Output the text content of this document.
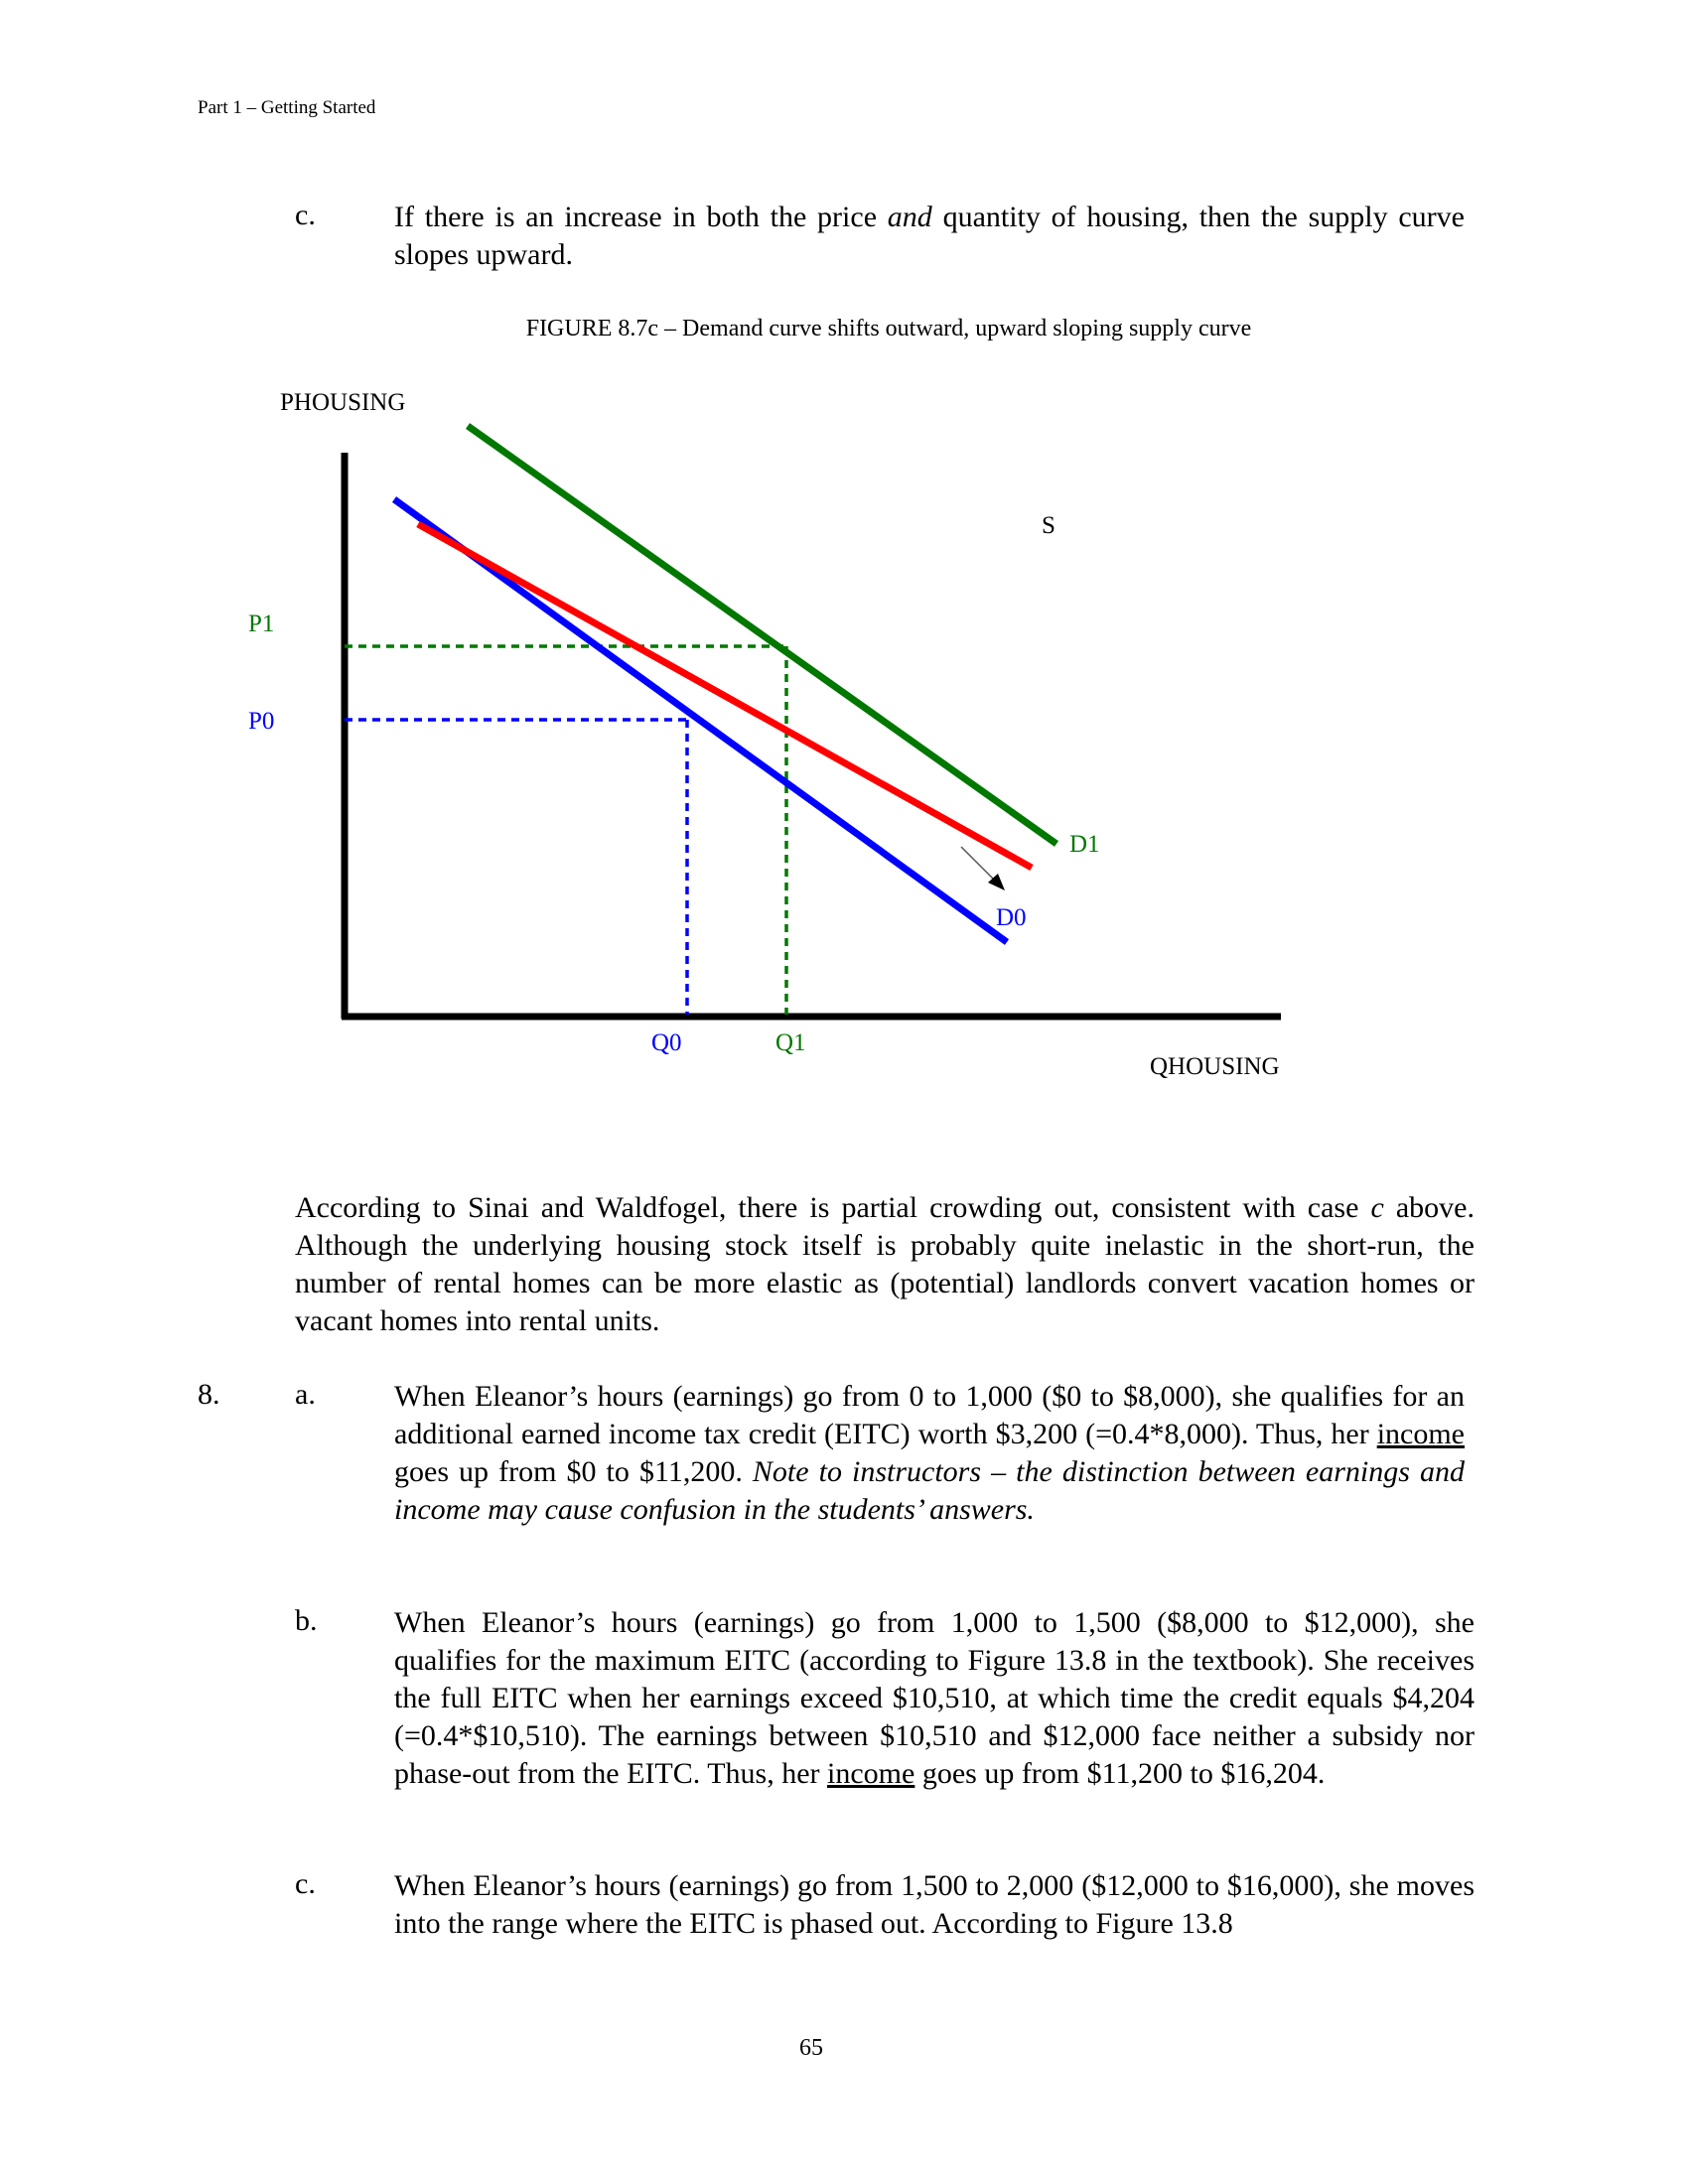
Part 1 – Getting Started
c.	If there is an increase in both the price and quantity of housing, then the supply curve slopes upward.
FIGURE 8.7c – Demand curve shifts outward, upward sloping supply curve
PHOUSING
QHOUSING
P1
P0
Q0	Q1
S
D1
D0
According to Sinai and Waldfogel, there is partial crowding out, consistent with case c above. Although the underlying housing stock itself is probably quite inelastic in the short-run, the number of rental homes can be more elastic as (potential) landlords convert vacation homes or vacant homes into rental units.
8.	a.	When Eleanor’s hours (earnings) go from 0 to 1,000 ($0 to $8,000), she qualifies for an additional earned income tax credit (EITC) worth $3,200 (=0.4*8,000). Thus, her income goes up from $0 to $11,200. Note to instructors – the distinction between earnings and income may cause confusion in the students’ answers.
b.	When Eleanor’s hours (earnings) go from 1,000 to 1,500 ($8,000 to $12,000), she qualifies for the maximum EITC (according to Figure 13.8 in the textbook). She receives the full EITC when her earnings exceed $10,510, at which time the credit equals $4,204 (=0.4*$10,510). The earnings between $10,510 and $12,000 face neither a subsidy nor phase-out from the EITC. Thus, her income goes up from $11,200 to $16,204.
c.	When Eleanor’s hours (earnings) go from 1,500 to 2,000 ($12,000 to $16,000), she moves into the range where the EITC is phased out. According to Figure 13.8
65
